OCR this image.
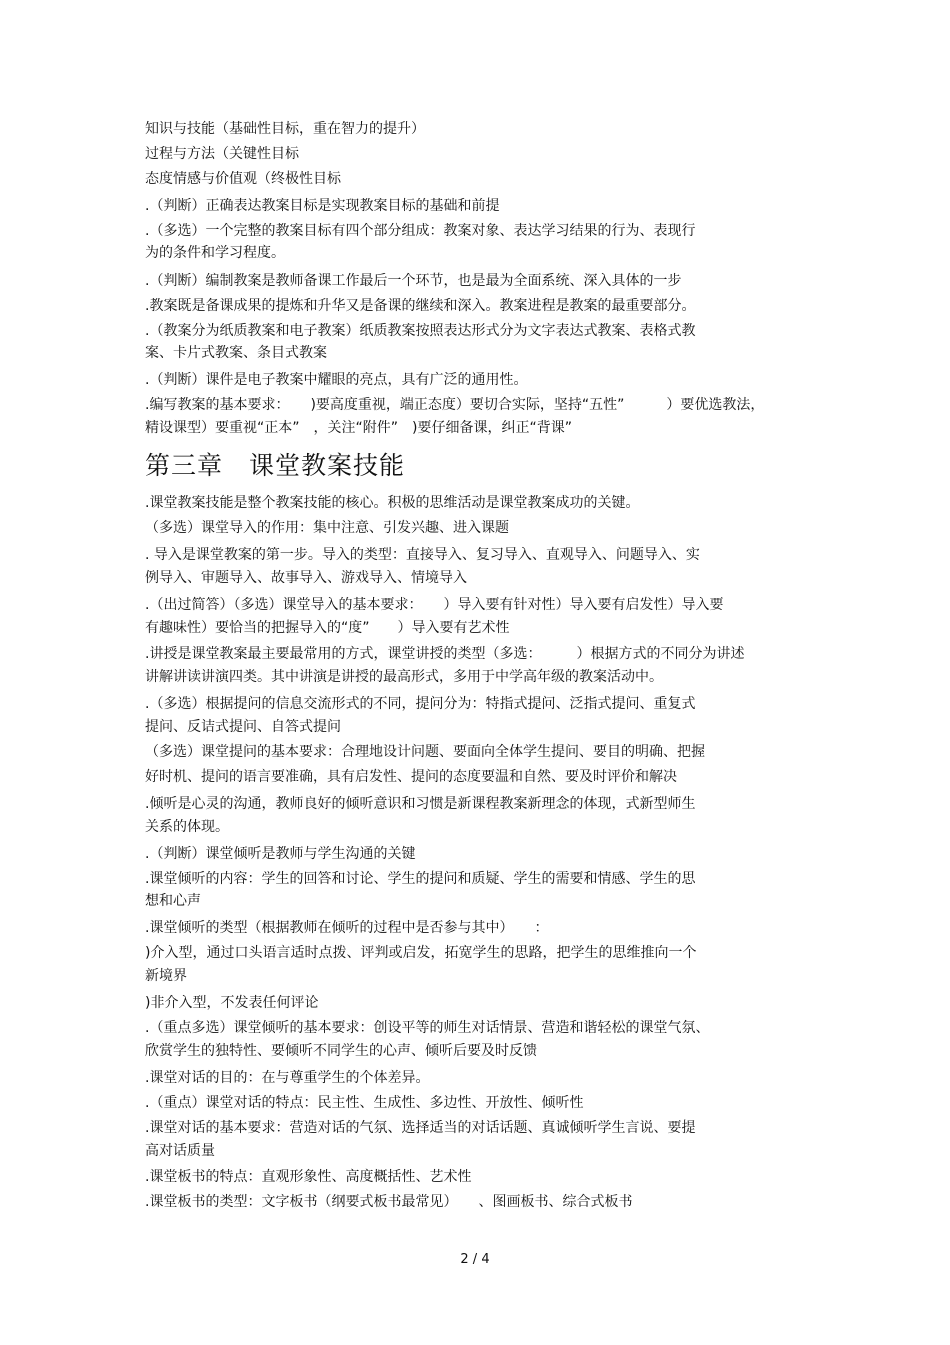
知识与技能（基础性目标，重在智力的提升）
过程与方法（关键性目标
态度情感与价值观（终极性目标
.（判断）正确表达教案目标是实现教案目标的基础和前提
.（多选）一个完整的教案目标有四个部分组成：教案对象、表达学习结果的行为、表现行
为的条件和学习程度。
.（判断）编制教案是教师备课工作最后一个环节，也是最为全面系统、深入具体的一步
.教案既是备课成果的提炼和升华又是备课的继续和深入。教案进程是教案的最重要部分。
.（教案分为纸质教案和电子教案）纸质教案按照表达形式分为文字表达式教案、表格式教
案、卡片式教案、条目式教案
.（判断）课件是电子教案中耀眼的亮点，具有广泛的通用性。
.编写教案的基本要求：　　)要高度重视，端正态度）要切合实际，坚持“五性”　　　）要优选教法，
精设课型）要重视“正本”　，关注“附件”　)要仔细备课，纠正“背课”
第三章　课堂教案技能
.课堂教案技能是整个教案技能的核心。积极的思维活动是课堂教案成功的关键。
（多选）课堂导入的作用：集中注意、引发兴趣、进入课题
. 导入是课堂教案的第一步。导入的类型：直接导入、复习导入、直观导入、问题导入、实
例导入、审题导入、故事导入、游戏导入、情境导入
.（出过简答）（多选）课堂导入的基本要求：　　）导入要有针对性）导入要有启发性）导入要
有趣味性）要恰当的把握导入的“度”　　）导入要有艺术性
.讲授是课堂教案最主要最常用的方式，课堂讲授的类型（多选：　　　）根据方式的不同分为讲述
讲解讲读讲演四类。其中讲演是讲授的最高形式，多用于中学高年级的教案活动中。
.（多选）根据提问的信息交流形式的不同，提问分为：特指式提问、泛指式提问、重复式
提问、反诘式提问、自答式提问
（多选）课堂提问的基本要求：合理地设计问题、要面向全体学生提问、要目的明确、把握
好时机、提问的语言要准确，具有启发性、提问的态度要温和自然、要及时评价和解决
.倾听是心灵的沟通，教师良好的倾听意识和习惯是新课程教案新理念的体现，式新型师生
关系的体现。
.（判断）课堂倾听是教师与学生沟通的关键
.课堂倾听的内容：学生的回答和讨论、学生的提问和质疑、学生的需要和情感、学生的思
想和心声
.课堂倾听的类型（根据教师在倾听的过程中是否参与其中）　　：
)介入型，通过口头语言适时点拨、评判或启发，拓宽学生的思路，把学生的思维推向一个
新境界
)非介入型，不发表任何评论
.（重点多选）课堂倾听的基本要求：创设平等的师生对话情景、营造和谐轻松的课堂气氛、
欣赏学生的独特性、要倾听不同学生的心声、倾听后要及时反馈
.课堂对话的目的：在与尊重学生的个体差异。
.（重点）课堂对话的特点：民主性、生成性、多边性、开放性、倾听性
.课堂对话的基本要求：营造对话的气氛、选择适当的对话话题、真诚倾听学生言说、要提
高对话质量
.课堂板书的特点：直观形象性、高度概括性、艺术性
.课堂板书的类型：文字板书（纲要式板书最常见）　　、图画板书、综合式板书
2 / 4
